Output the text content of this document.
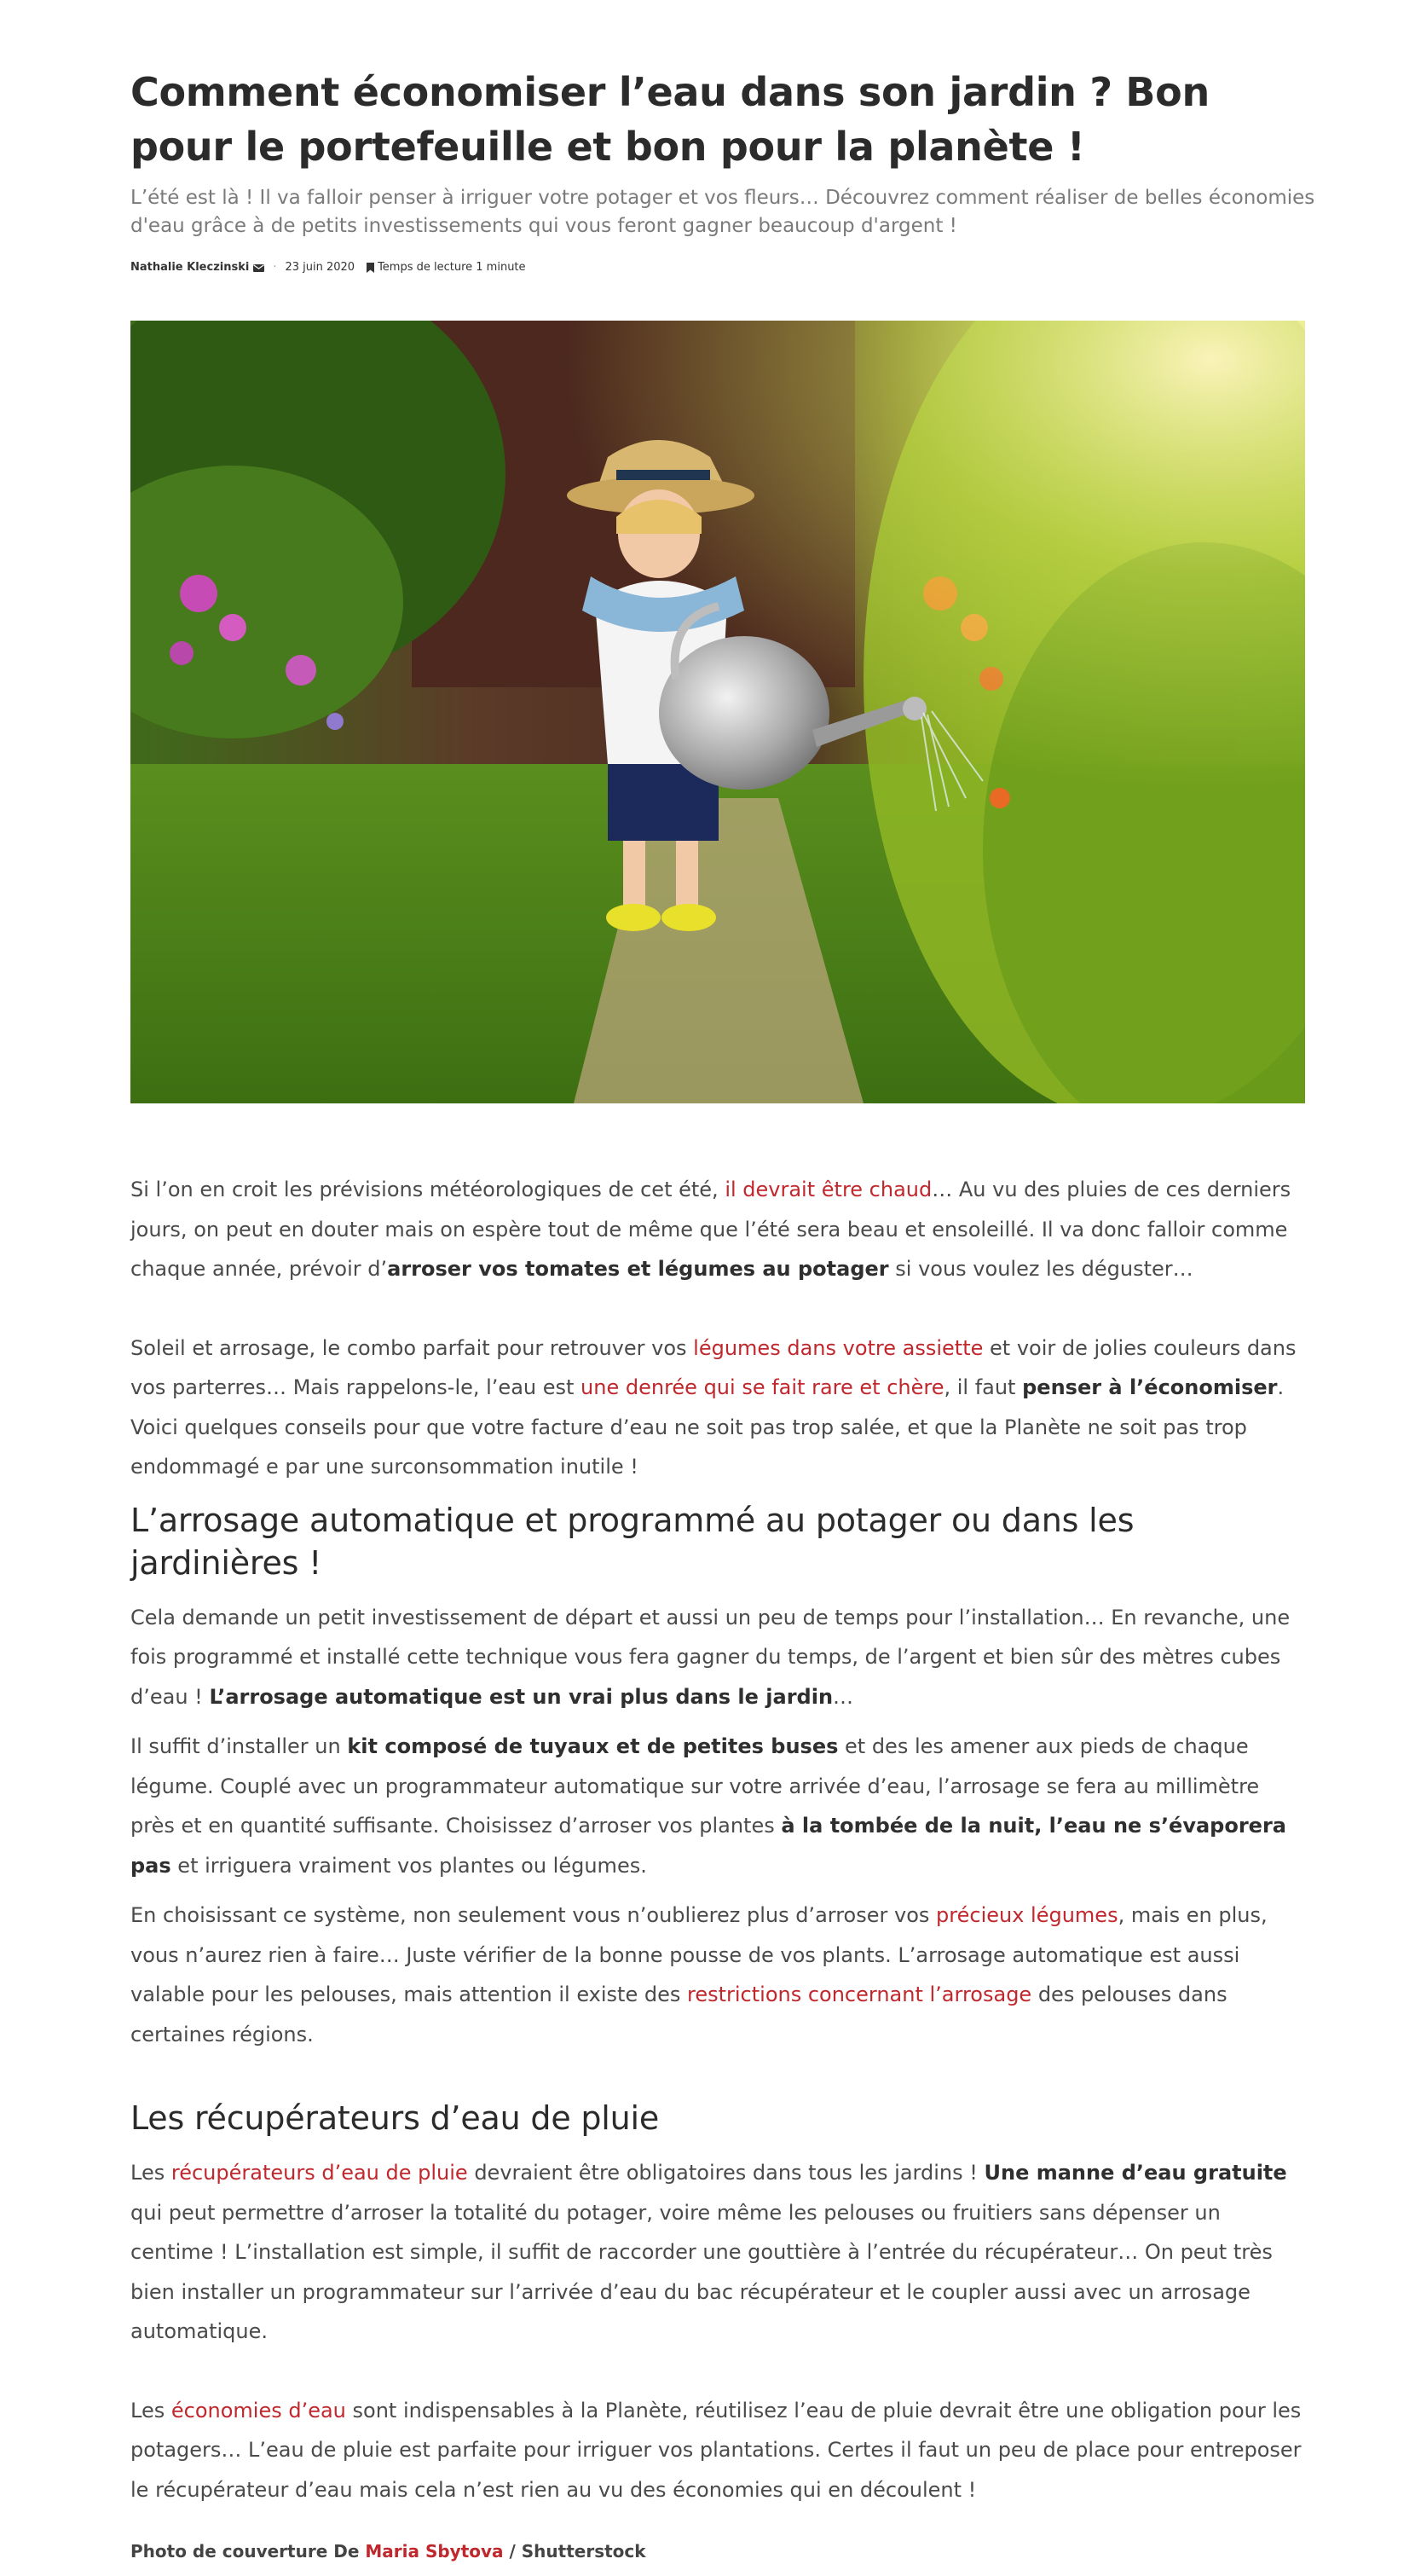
Comment économiser l’eau dans son jardin ? Bon pour le portefeuille et bon pour la planète !

L’été est là ! Il va falloir penser à irriguer votre potager et vos fleurs… Découvrez comment réaliser de belles économies d'eau grâce à de petits investissements qui vous feront gagner beaucoup d'argent !

Nathalie Kleczinski · 23 juin 2020 Temps de lecture 1 minute

Si l’on en croit les prévisions météorologiques de cet été, il devrait être chaud… Au vu des pluies de ces derniers jours, on peut en douter mais on espère tout de même que l’été sera beau et ensoleillé. Il va donc falloir comme chaque année, prévoir d’arroser vos tomates et légumes au potager si vous voulez les déguster…

Soleil et arrosage, le combo parfait pour retrouver vos légumes dans votre assiette et voir de jolies couleurs dans vos parterres… Mais rappelons-le, l’eau est une denrée qui se fait rare et chère, il faut penser à l’économiser. Voici quelques conseils pour que votre facture d’eau ne soit pas trop salée, et que la Planète ne soit pas trop endommagé e par une surconsommation inutile !

L’arrosage automatique et programmé au potager ou dans les jardinières !

Cela demande un petit investissement de départ et aussi un peu de temps pour l’installation… En revanche, une fois programmé et installé cette technique vous fera gagner du temps, de l’argent et bien sûr des mètres cubes d’eau ! L’arrosage automatique est un vrai plus dans le jardin…

Il suffit d’installer un kit composé de tuyaux et de petites buses et des les amener aux pieds de chaque légume. Couplé avec un programmateur automatique sur votre arrivée d’eau, l’arrosage se fera au millimètre près et en quantité suffisante. Choisissez d’arroser vos plantes à la tombée de la nuit, l’eau ne s’évaporera pas et irriguera vraiment vos plantes ou légumes.

En choisissant ce système, non seulement vous n’oublierez plus d’arroser vos précieux légumes, mais en plus, vous n’aurez rien à faire… Juste vérifier de la bonne pousse de vos plants. L’arrosage automatique est aussi valable pour les pelouses, mais attention il existe des restrictions concernant l’arrosage des pelouses dans certaines régions.

Les récupérateurs d’eau de pluie

Les récupérateurs d’eau de pluie devraient être obligatoires dans tous les jardins ! Une manne d’eau gratuite qui peut permettre d’arroser la totalité du potager, voire même les pelouses ou fruitiers sans dépenser un centime ! L’installation est simple, il suffit de raccorder une gouttière à l’entrée du récupérateur… On peut très bien installer un programmateur sur l’arrivée d’eau du bac récupérateur et le coupler aussi avec un arrosage automatique.

Les économies d’eau sont indispensables à la Planète, réutilisez l’eau de pluie devrait être une obligation pour les potagers… L’eau de pluie est parfaite pour irriguer vos plantations. Certes il faut un peu de place pour entreposer le récupérateur d’eau mais cela n’est rien au vu des économies qui en découlent !

Photo de couverture De Maria Sbytova / Shutterstock
